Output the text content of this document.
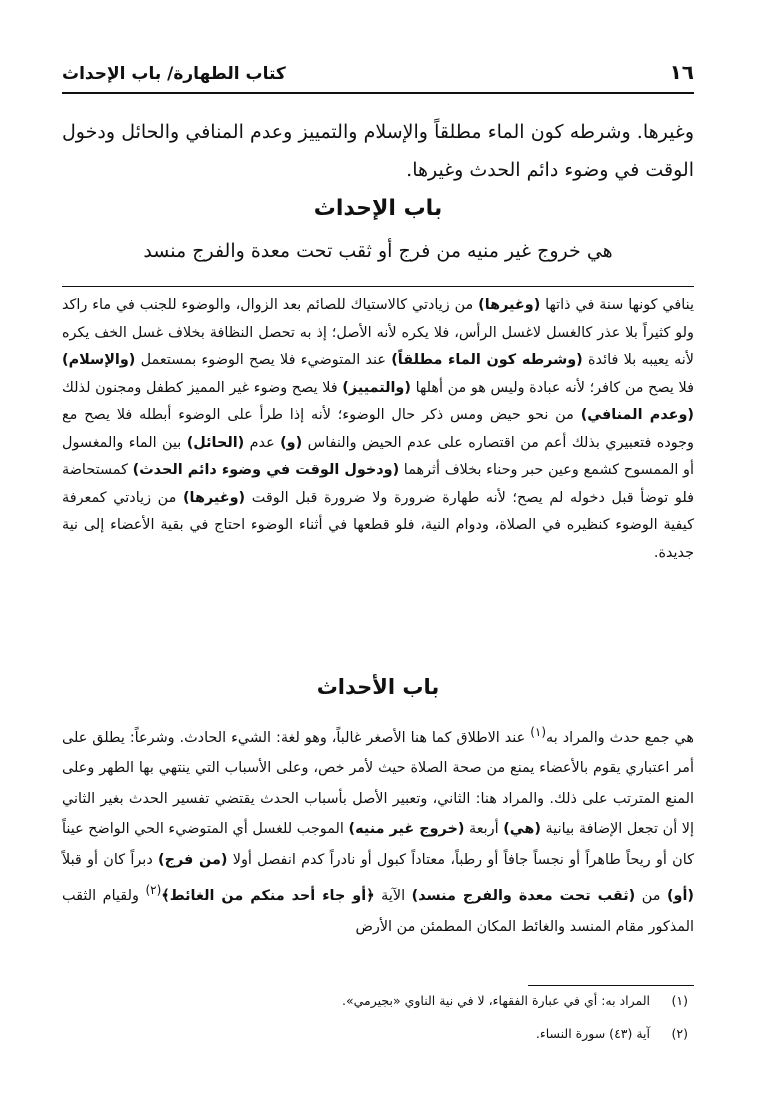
١٦
كتاب الطهارة/ باب الإحداث

وغيرها. وشرطه كون الماء مطلقاً والإسلام والتمييز وعدم المنافي والحائل ودخول الوقت في وضوء دائم الحدث وغيرها.

باب الإحداث
هي خروج غير منيه من فرج أو ثقب تحت معدة والفرج منسد

ينافي كونها سنة في ذاتها (وغيرها) من زيادتي كالاستياك للصائم بعد الزوال، والوضوء للجنب في ماء راكد ولو كثيراً بلا عذر كالغسل لاغسل الرأس، فلا يكره لأنه الأصل؛ إذ به تحصل النظافة بخلاف غسل الخف يكره لأنه يعيبه بلا فائدة (وشرطه كون الماء مطلقاً) عند المتوضيء فلا يصح الوضوء بمستعمل (والإسلام) فلا يصح من كافر؛ لأنه عبادة وليس هو من أهلها (والتمييز) فلا يصح وضوء غير المميز كطفل ومجنون لذلك (وعدم المنافي) من نحو حيض ومس ذكر حال الوضوء؛ لأنه إذا طرأ على الوضوء أبطله فلا يصح مع وجوده فتعبيري بذلك أعم من اقتصاره على عدم الحيض والنفاس (و) عدم (الحائل) بين الماء والمغسول أو الممسوح كشمع وعين حبر وحناء بخلاف أثرهما (ودخول الوقت في وضوء دائم الحدث) كمستحاضة فلو توضأ قبل دخوله لم يصح؛ لأنه طهارة ضرورة ولا ضرورة قبل الوقت (وغيرها) من زيادتي كمعرفة كيفية الوضوء كنظيره في الصلاة، ودوام النية، فلو قطعها في أثناء الوضوء احتاج في بقية الأعضاء إلى نية جديدة.

باب الأحداث

هي جمع حدث والمراد به$^{(١)}$ عند الاطلاق كما هنا الأصغر غالباً، وهو لغة: الشيء الحادث. وشرعاً: يطلق على أمر اعتباري يقوم بالأعضاء يمنع من صحة الصلاة حيث لأمر خص، وعلى الأسباب التي ينتهي بها الطهر وعلى المنع المترتب على ذلك. والمراد هنا: الثاني، وتعبير الأصل بأسباب الحدث يقتضي تفسير الحدث بغير الثاني إلا أن تجعل الإضافة بيانية (هي) أربعة (خروج غير منيه) الموجب للغسل أي المتوضيء الحي الواضح عيناً كان أو ريحاً طاهراً أو نجساً جافاً أو رطباً، معتاداً كبول أو نادراً كدم انفصل أولا (من فرج) دبراً كان أو قبلاً (أو) من (ثقب تحت معدة والفرج منسد) الآية ﴿أو جاء أحد منكم من الغائط﴾$^{(٢)}$ ولقيام الثقب المذكور مقام المنسد والغائط المكان المطمئن من الأرض

(١) المراد به: أي في عبارة الفقهاء، لا في نية الناوي «بجيرمي».
(٢) آية (٤٣) سورة النساء.
